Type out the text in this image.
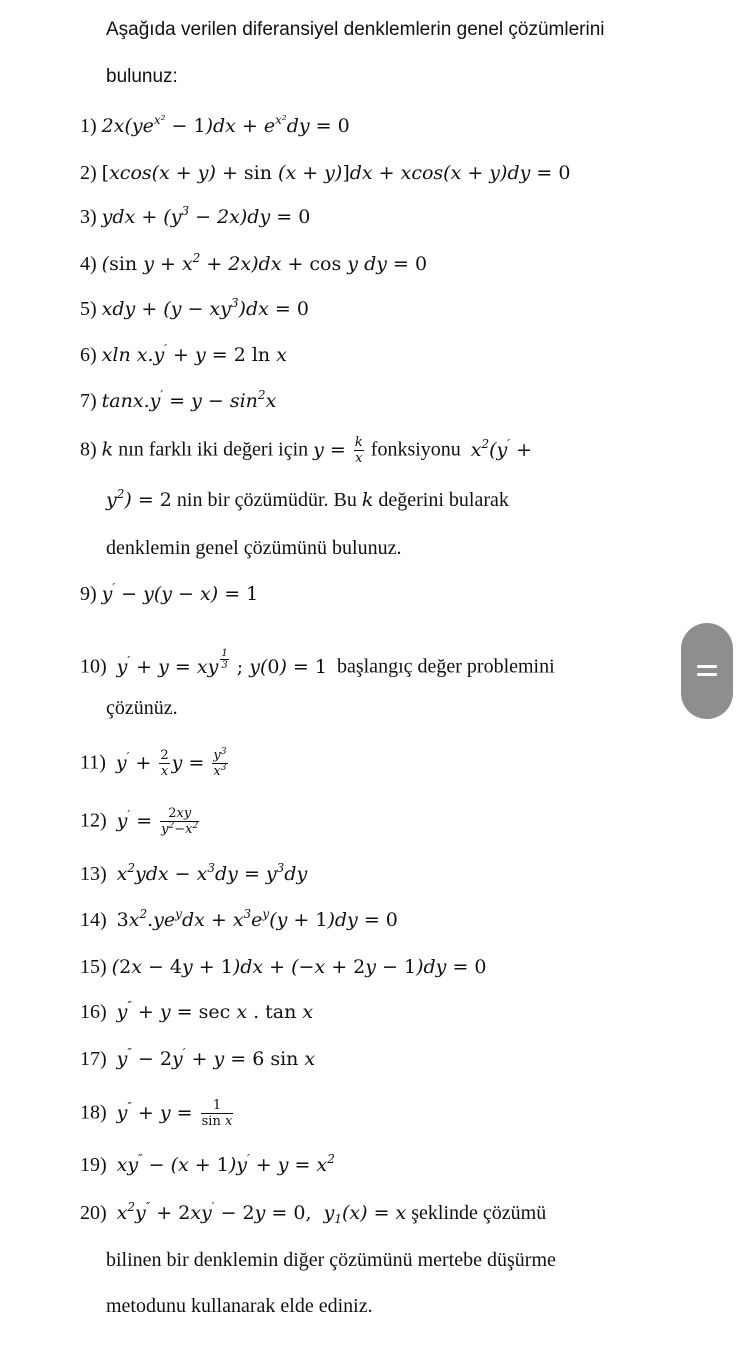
Aşağıda verilen diferansiyel denklemlerin genel çözümlerini
bulunuz:
1) $2x(ye^{x^2} - 1)dx + e^{x^2}dy = 0$
2) [xcos(x + y) + sin (x + y)]dx + xcos(x + y)dy = 0
3) ydx + $(y^3 - 2x)dy = 0$
4) (sin $y + x^2 + 2x)dx + \cos y$ dy = 0
5) xdy + $(y - xy^3)dx = 0$
6) xln x.y′ + y = 2 ln x
7) $\tan x.y' = y - \sin^2x$
8) k nın farklı iki değeri için $y = \frac{k}{x}$ fonksiyonu $x^2(y'$ +
$y^2) = 2$ nin bir çözümüdür. Bu k değerini bularak
denklemin genel çözümünü bulunuz.
9) y′ − y(y − x) = 1
10) y′ + y = xy $^{\frac{1}{3}}$ ; y(0) = 1 başlangıç değer problemini
çözünüz.
11) $y' + \frac{2}{x}$ $y = \frac{y^3}{x^3}$
12) $y' = \frac{2xy}{y^2-x^2}$
13) $x^2ydx - x^3dy = y^3dy$
14) $3x^2.ye^ydx + x^3e^y(y + 1)dy = 0$
15) (2x − 4y + 1)dx + (−x + 2y − 1)dy = 0
16) y″ + y = sec x . tan x
17) y″ − 2y′ + y = 6 sin x
18) $y'' + y = \frac{1}{\text{sin x}}$
19) $xy'' - (x + 1)y' + y = x^2$
20) $x^2y'' + 2xy' - 2y = 0$,  $y_1(x) = x$ şeklinde çözümü
bilinen bir denklemin diğer çözümünü mertebe düşürme
metodunu kullanarak elde ediniz.
